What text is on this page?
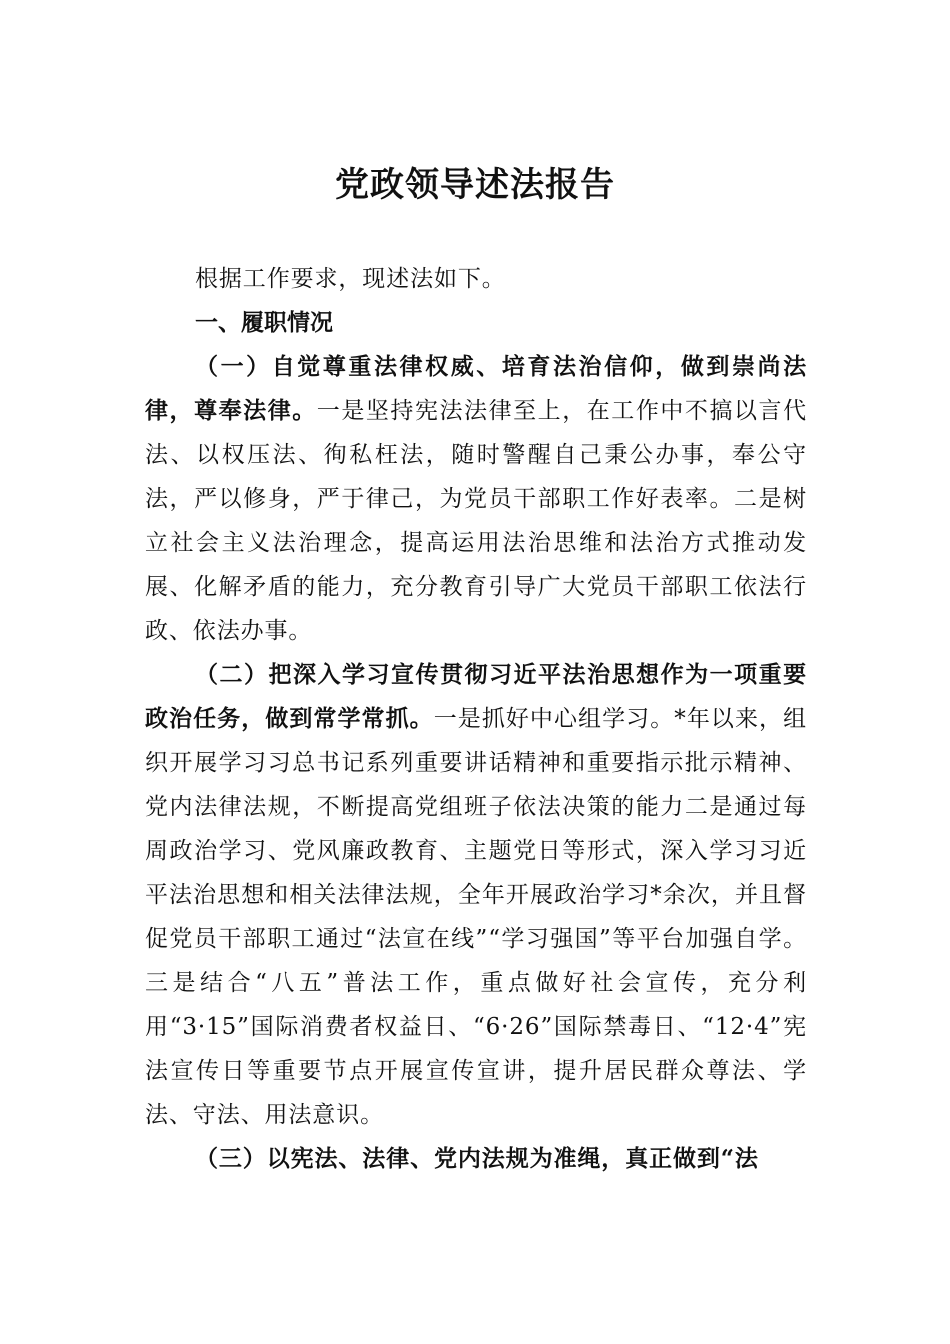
党政领导述法报告

根据工作要求，现述法如下。

一、履职情况

（一）自觉尊重法律权威、培育法治信仰，做到崇尚法律，尊奉法律。一是坚持宪法法律至上，在工作中不搞以言代法、以权压法、徇私枉法，随时警醒自己秉公办事，奉公守法，严以修身，严于律己，为党员干部职工作好表率。二是树立社会主义法治理念，提高运用法治思维和法治方式推动发展、化解矛盾的能力，充分教育引导广大党员干部职工依法行政、依法办事。

（二）把深入学习宣传贯彻习近平法治思想作为一项重要政治任务，做到常学常抓。一是抓好中心组学习。*年以来，组织开展学习习总书记系列重要讲话精神和重要指示批示精神、党内法律法规，不断提高党组班子依法决策的能力二是通过每周政治学习、党风廉政教育、主题党日等形式，深入学习习近平法治思想和相关法律法规，全年开展政治学习*余次，并且督促党员干部职工通过“法宣在线”“学习强国”等平台加强自学。三是结合“八五”普法工作，重点做好社会宣传，充分利用“3·15”国际消费者权益日、“6·26”国际禁毒日、“12·4”宪法宣传日等重要节点开展宣传宣讲，提升居民群众尊法、学法、守法、用法意识。

（三）以宪法、法律、党内法规为准绳，真正做到“法
